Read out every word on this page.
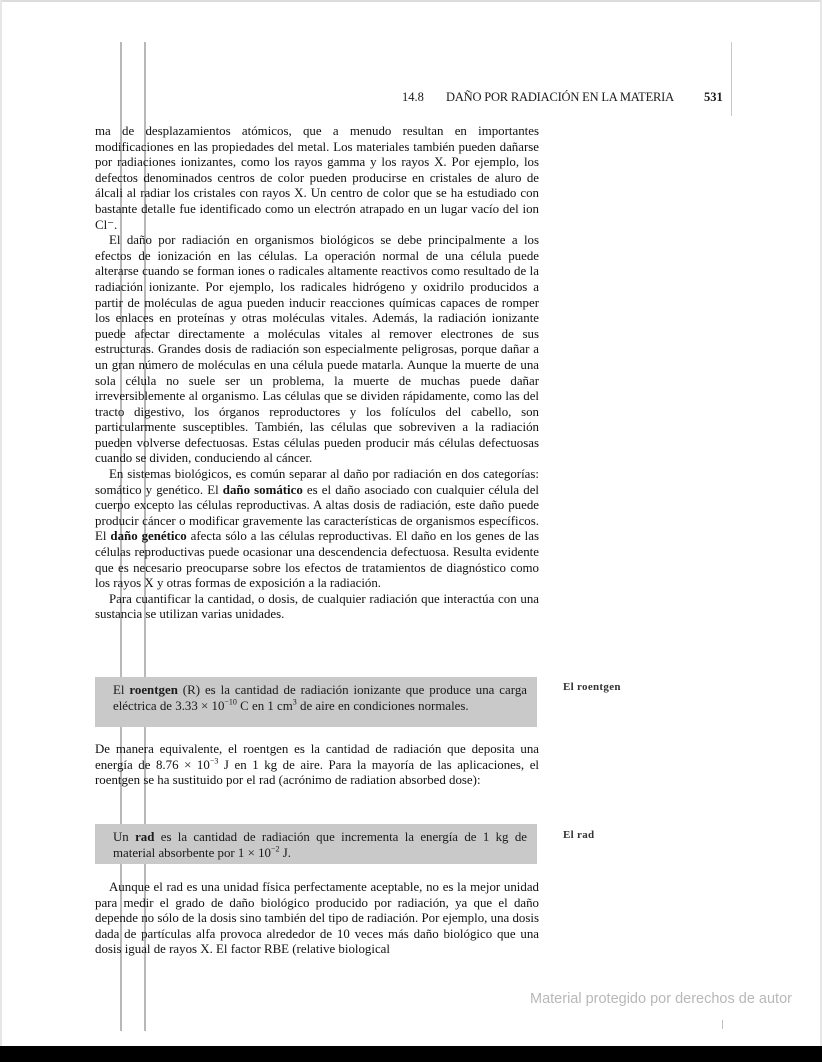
14.8 DAÑO POR RADIACIÓN EN LA MATERIA 531

ma de desplazamientos atómicos, que a menudo resultan en importantes modificaciones en las propiedades del metal. Los materiales también pueden dañarse por radiaciones ionizantes, como los rayos gamma y los rayos X. Por ejemplo, los defectos denominados centros de color pueden producirse en cristales de aluro de álcali al radiar los cristales con rayos X. Un centro de color que se ha estudiado con bastante detalle fue identificado como un electrón atrapado en un lugar vacío del ion Cl⁻.

El daño por radiación en organismos biológicos se debe principalmente a los efectos de ionización en las células. La operación normal de una célula puede alterarse cuando se forman iones o radicales altamente reactivos como resultado de la radiación ionizante. Por ejemplo, los radicales hidrógeno y oxidrilo producidos a partir de moléculas de agua pueden inducir reacciones químicas capaces de romper los enlaces en proteínas y otras moléculas vitales. Además, la radiación ionizante puede afectar directamente a moléculas vitales al remover electrones de sus estructuras. Grandes dosis de radiación son especialmente peligrosas, porque dañar a un gran número de moléculas en una célula puede matarla. Aunque la muerte de una sola célula no suele ser un problema, la muerte de muchas puede dañar irreversiblemente al organismo. Las células que se dividen rápidamente, como las del tracto digestivo, los órganos reproductores y los folículos del cabello, son particularmente susceptibles. También, las células que sobreviven a la radiación pueden volverse defectuosas. Estas células pueden producir más células defectuosas cuando se dividen, conduciendo al cáncer.

En sistemas biológicos, es común separar al daño por radiación en dos categorías: somático y genético. El daño somático es el daño asociado con cualquier célula del cuerpo excepto las células reproductivas. A altas dosis de radiación, este daño puede producir cáncer o modificar gravemente las características de organismos específicos. El daño genético afecta sólo a las células reproductivas. El daño en los genes de las células reproductivas puede ocasionar una descendencia defectuosa. Resulta evidente que es necesario preocuparse sobre los efectos de tratamientos de diagnóstico como los rayos X y otras formas de exposición a la radiación.

Para cuantificar la cantidad, o dosis, de cualquier radiación que interactúa con una sustancia se utilizan varias unidades.

El roentgen (R) es la cantidad de radiación ionizante que produce una carga eléctrica de $3.33 \times 10^{-10}$ C en 1 $cm^3$ de aire en condiciones normales.
El roentgen

De manera equivalente, el roentgen es la cantidad de radiación que deposita una energía de $8.76 \times 10^{-3}$ J en 1 kg de aire. Para la mayoría de las aplicaciones, el roentgen se ha sustituido por el rad (acrónimo de radiation absorbed dose):

Un rad es la cantidad de radiación que incrementa la energía de 1 kg de material absorbente por $1 \times 10^{-2}$ J.
El rad

Aunque el rad es una unidad física perfectamente aceptable, no es la mejor unidad para medir el grado de daño biológico producido por radiación, ya que el daño depende no sólo de la dosis sino también del tipo de radiación. Por ejemplo, una dosis dada de partículas alfa provoca alrededor de 10 veces más daño biológico que una dosis igual de rayos X. El factor RBE (relative biological

Material protegido por derechos de autor
